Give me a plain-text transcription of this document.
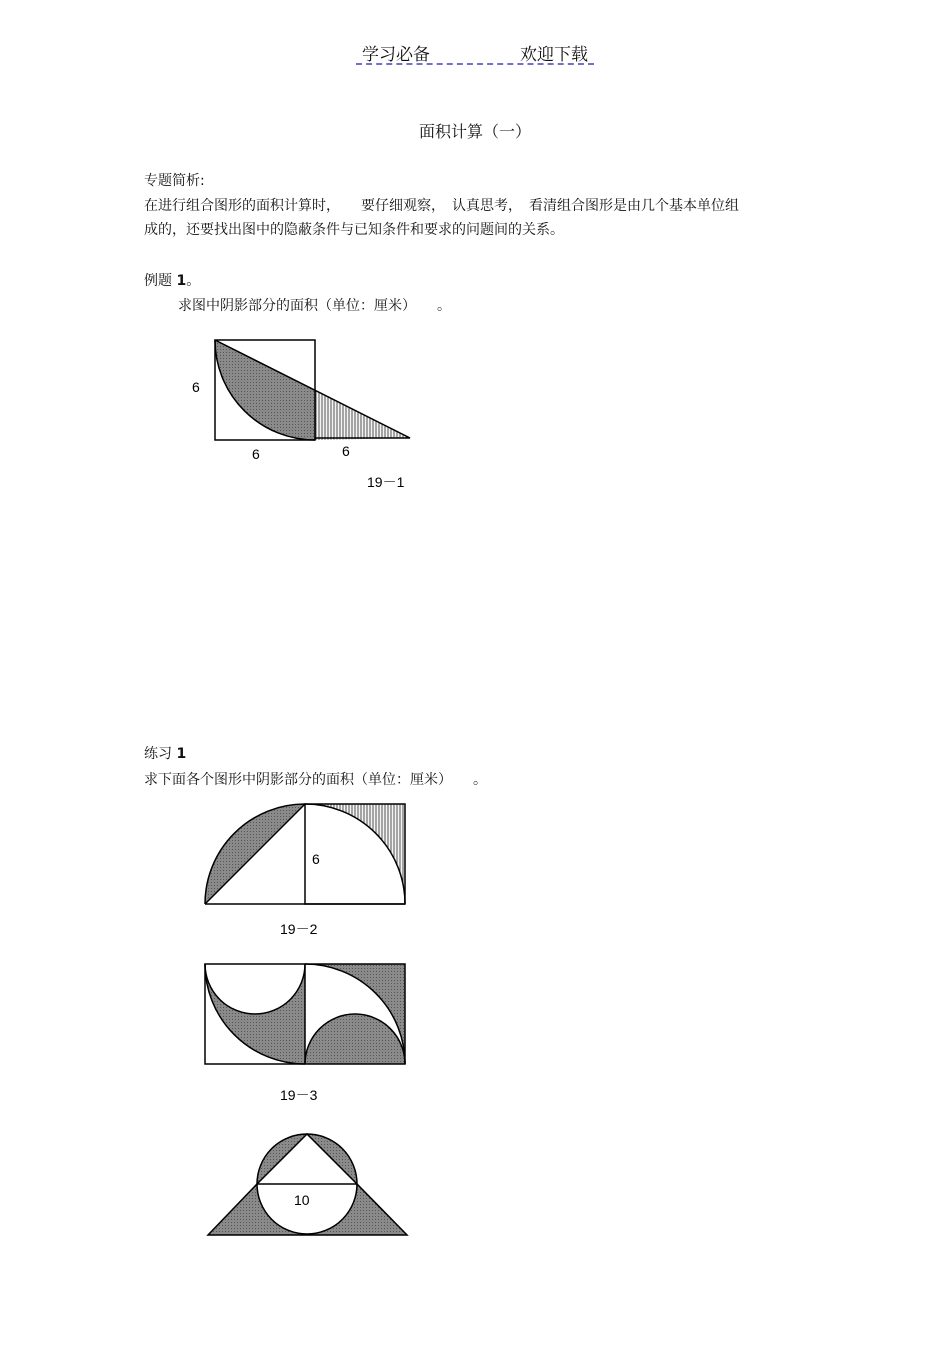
学习必备	欢迎下载
面积计算（一）
专题简析:
在进行组合图形的面积计算时，　　要仔细观察，　认真思考，　看清组合图形是由几个基本单位组
成的，还要找出图中的隐蔽条件与已知条件和要求的问题间的关系。
例题 1。
求图中阴影部分的面积（单位：厘米）　　。
6
6	6
19－1
练习 1
求下面各个图形中阴影部分的面积（单位：厘米）　　。
6
19－2
19－3
10
